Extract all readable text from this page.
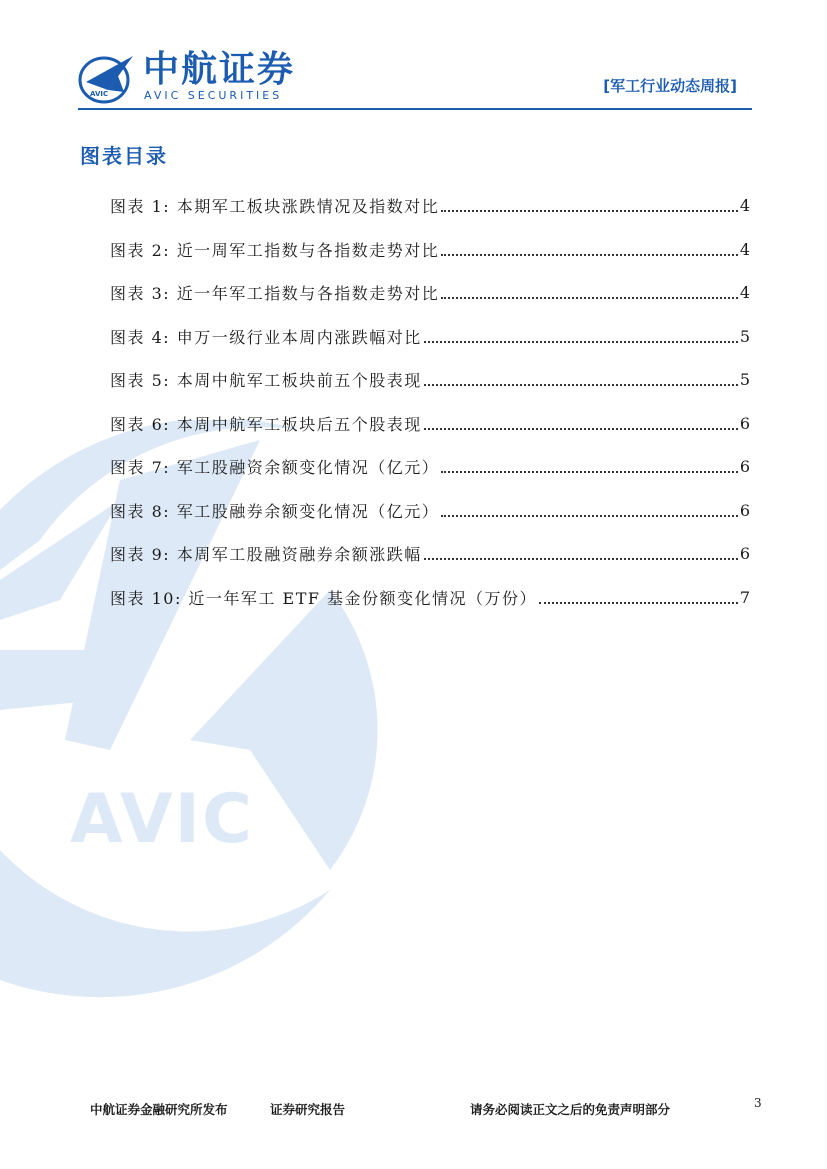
AVIC
AVIC
中航证券
AVIC SECURITIES
[军工行业动态周报]
图表目录
图表 1: 本期军工板块涨跌情况及指数对比	4
图表 2: 近一周军工指数与各指数走势对比	4
图表 3: 近一年军工指数与各指数走势对比	4
图表 4: 申万一级行业本周内涨跌幅对比	5
图表 5: 本周中航军工板块前五个股表现	5
图表 6: 本周中航军工板块后五个股表现	6
图表 7: 军工股融资余额变化情况（亿元）	6
图表 8: 军工股融券余额变化情况（亿元）	6
图表 9: 本周军工股融资融券余额涨跌幅	6
图表 10: 近一年军工 ETF 基金份额变化情况（万份）	7
中航证券金融研究所发布	证券研究报告	请务必阅读正文之后的免责声明部分	3
